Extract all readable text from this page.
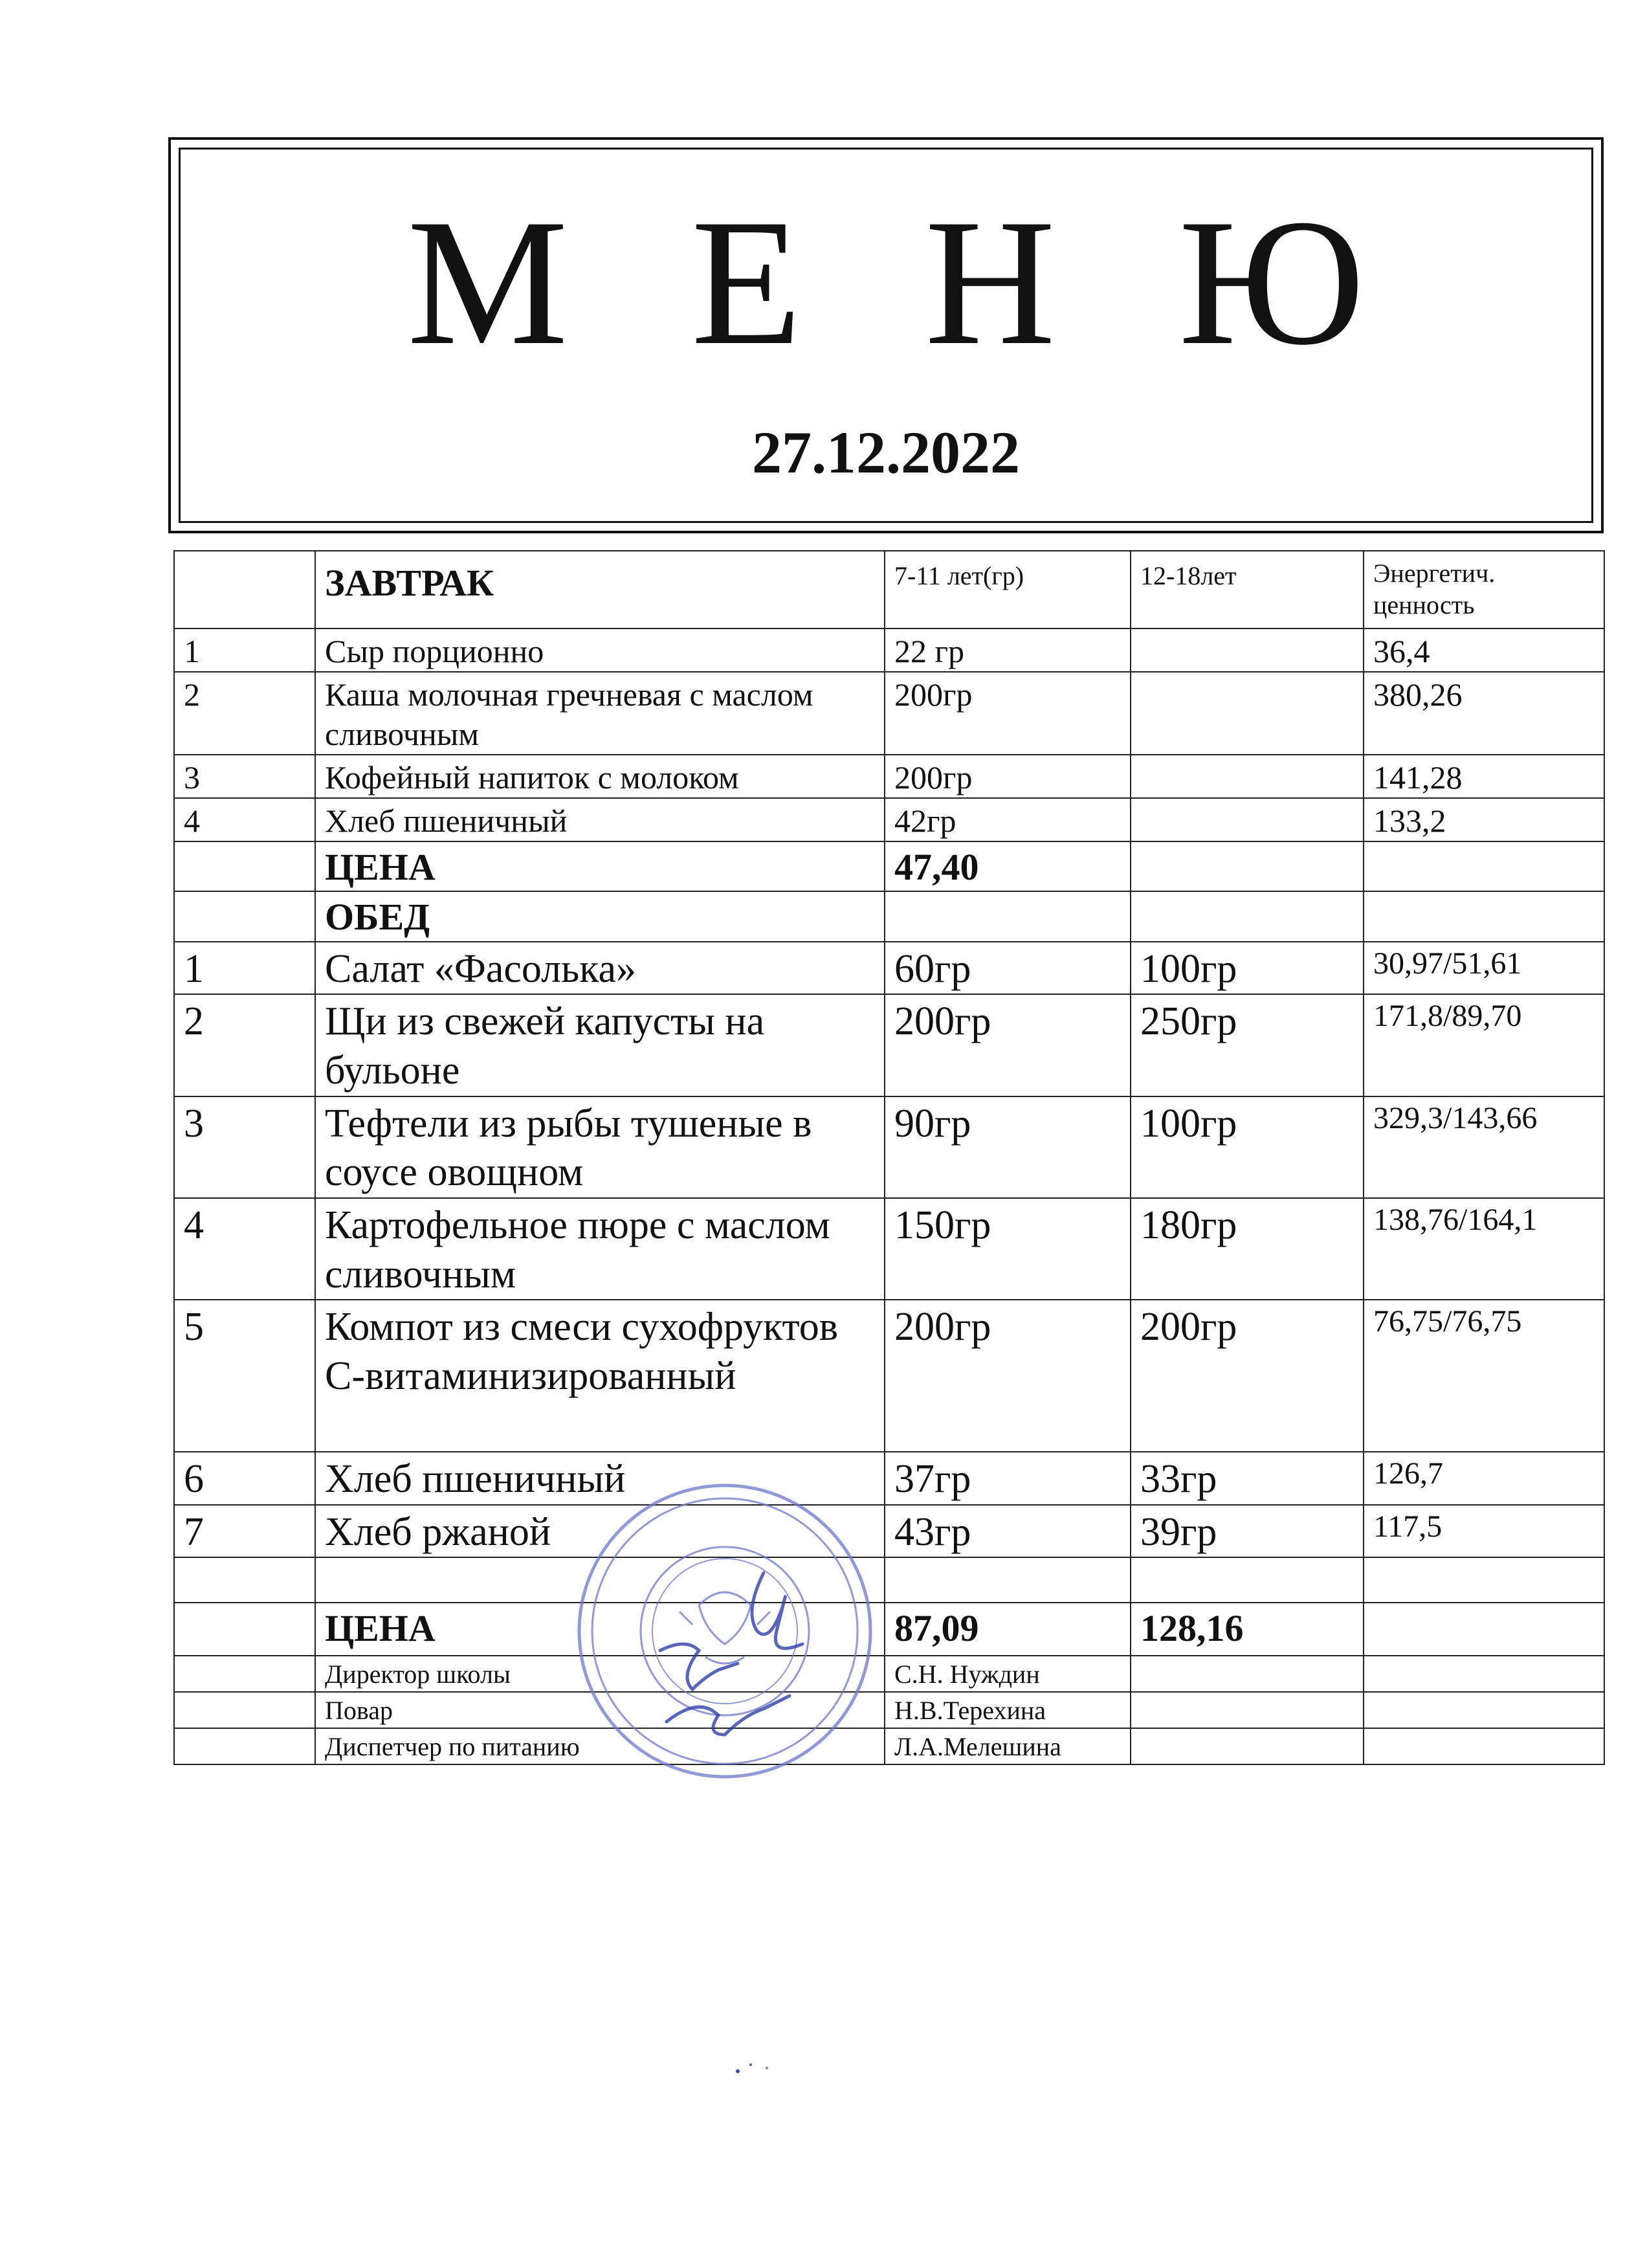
М Е Н Ю
27.12.2022
	ЗАВТРАК	7-11 лет(гр)	12-18лет	Энергетич.
ценность

1	Сыр порционно	22 гр		36,4
2	Каша молочная гречневая с маслом сливочным	200гр		380,26
3	Кофейный напиток с молоком	200гр		141,28
4	Хлеб пшеничный	42гр		133,2
	ЦЕНА	47,40		
	ОБЕД			
1	Салат «Фасолька»	60гр	100гр	30,97/51,61
2	Щи из свежей капусты на бульоне	200гр	250гр	171,8/89,70
3	Тефтели из рыбы тушеные в соусе овощном	90гр	100гр	329,3/143,66
4	Картофельное пюре с маслом сливочным	150гр	180гр	138,76/164,1
5	Компот из смеси сухофруктов С-витаминизированный	200гр	200гр	76,75/76,75
6	Хлеб пшеничный	37гр	33гр	126,7
7	Хлеб ржаной	43гр	39гр	117,5

	ЦЕНА	87,09	128,16	
	Директор школы	С.Н. Нуждин		
	Повар	Н.В.Терехина		
	Диспетчер по питанию	Л.А.Мелешина		
